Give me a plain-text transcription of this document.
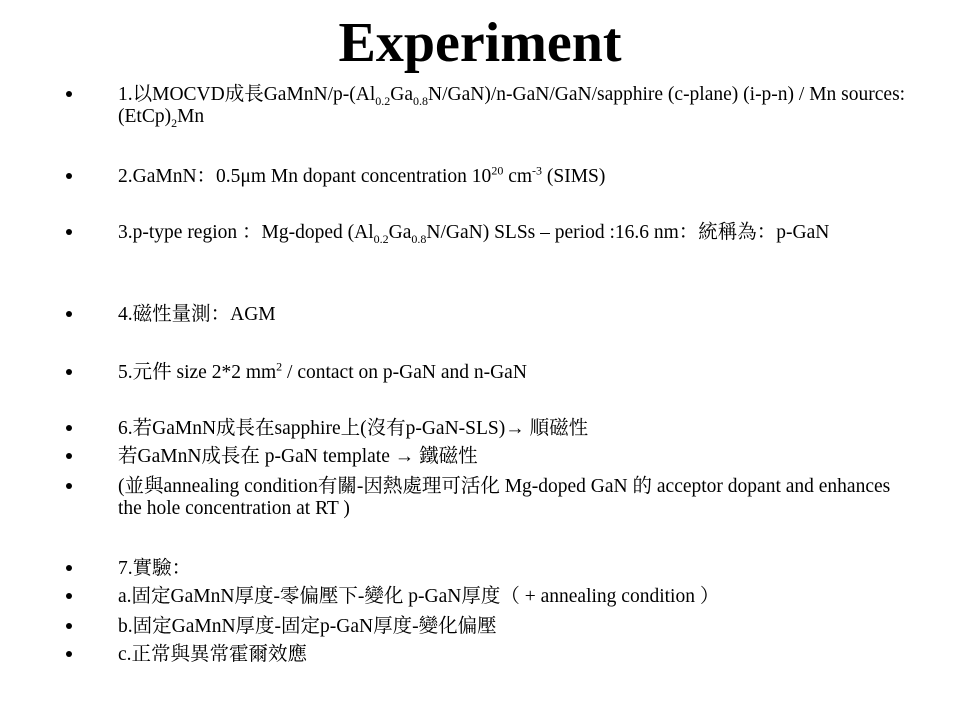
Experiment
1.以MOCVD成長GaMnN/$p-(Al_{0.2}Ga_{0.8}N/GaN)/n-GaN/GaN$/sapphire (c-plane) (i-p-n) / Mn sources: $(EtCp)_2Mn$
2.GaMnN：0.5μm Mn dopant concentration $10^{20}$ $cm^{-3}$ (SIMS)
3.p-type region ：Mg-doped $(Al_{0.2}Ga_{0.8}N/GaN)$ SLSs – period :16.6 nm：統稱為：p-GaN
4.磁性量測：AGM
5.元件 size 2*2 $mm^2$ / contact on p-GaN and n-GaN
6.若GaMnN成長在sapphire上(沒有p-GaN-SLS)→ 順磁性
若GaMnN成長在 p-GaN template → 鐵磁性
(並與annealing condition有關-因熱處理可活化 Mg-doped GaN 的 acceptor dopant and enhances the hole concentration at RT )
7.實驗：
a.固定GaMnN厚度-零偏壓下-變化 p-GaN厚度（ + annealing condition ）
b.固定GaMnN厚度-固定p-GaN厚度-變化偏壓
c.正常與異常霍爾效應
